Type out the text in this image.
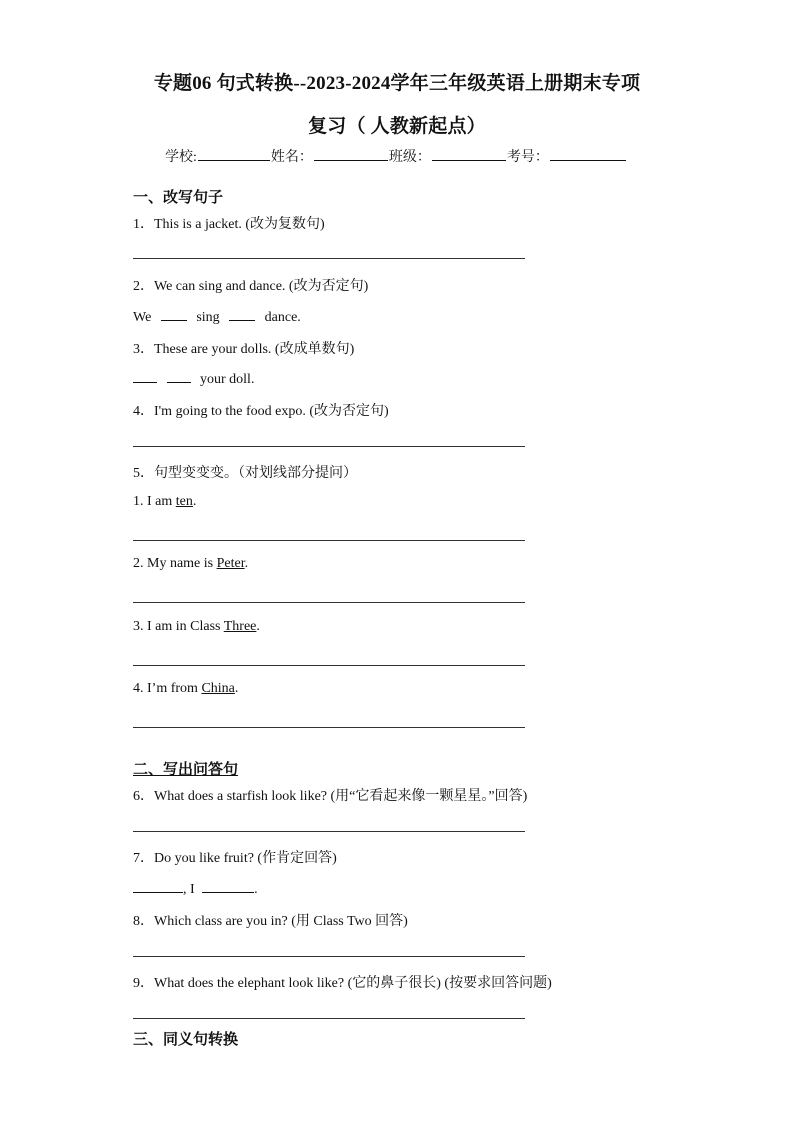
专题06 句式转换--2023-2024学年三年级英语上册期末专项
复习（ 人教新起点）
学校:	姓名：	班级：	考号：
一、改写句子
1．This is a jacket. (改为复数句)
2．We can sing and dance. (改为否定句)
We	sing	dance.
3．These are your dolls. (改成单数句)
your doll.
4．I'm going to the food expo. (改为否定句)
5．句型变变变。（对划线部分提问）
1. I am ten.
2. My name is Peter.
3. I am in Class Three.
4. I’m from China.
二、写出问答句
6．What does a starfish look like? (用“它看起来像一颗星星。”回答)
7．Do you like fruit? (作肯定回答)
, I	.
8．Which class are you in? (用 Class Two 回答)
9．What does the elephant look like? (它的鼻子很长) (按要求回答问题)
三、同义句转换
